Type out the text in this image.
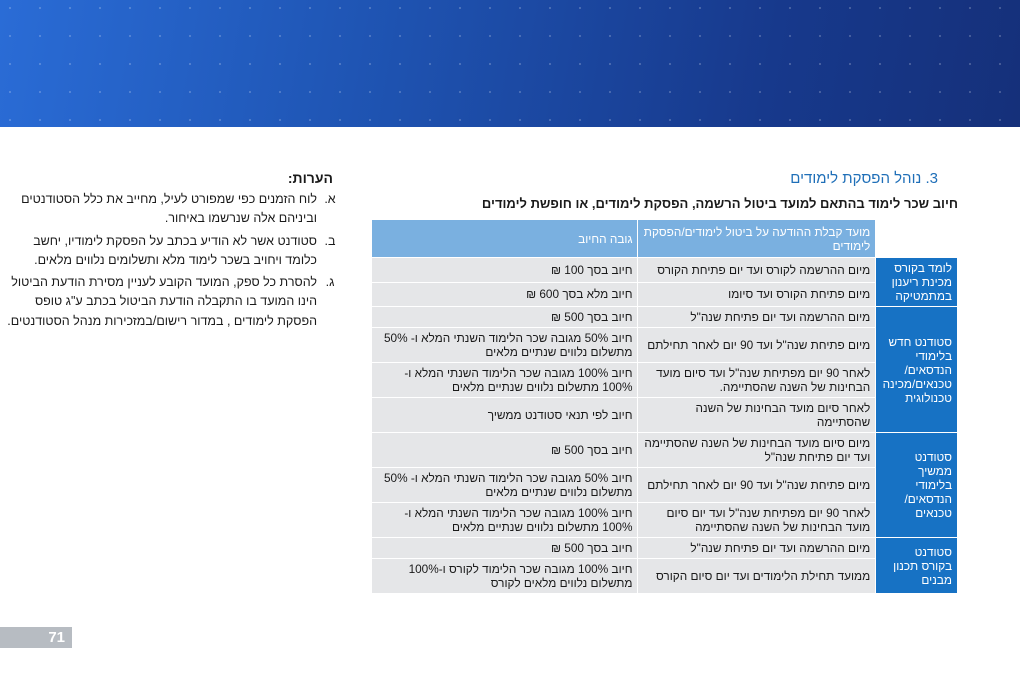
3. נוהל הפסקת לימודים
חיוב שכר לימוד בהתאם למועד ביטול הרשמה, הפסקת לימודים, או חופשת לימודים
	מועד קבלת ההודעה על ביטול לימודים/הפסקת לימודים	גובה החיוב
לומד בקורס מכינת ריענון במתמטיקה	מיום ההרשמה לקורס ועד יום פתיחת הקורס	חיוב בסך 100 ₪
	מיום פתיחת הקורס ועד סיומו	חיוב מלא בסך 600 ₪
סטודנט חדש בלימודי הנדסאים/ טכנאים/מכינה טכנולוגית	מיום ההרשמה ועד יום פתיחת שנה"ל	חיוב בסך 500 ₪
	מיום פתיחת שנה"ל ועד 90 יום לאחר תחילתם	חיוב 50% מגובה שכר הלימוד השנתי המלא ו- 50% מתשלום נלווים שנתיים מלאים
	לאחר 90 יום מפתיחת שנה"ל ועד סיום מועד הבחינות של השנה שהסתיימה.	חיוב 100% מגובה שכר הלימוד השנתי המלא ו- 100% מתשלום נלווים שנתיים מלאים
	לאחר סיום מועד הבחינות של השנה שהסתיימה	חיוב לפי תנאי סטודנט ממשיך
סטודנט ממשיך בלימודי הנדסאים/ טכנאים	מיום סיום מועד הבחינות של השנה שהסתיימה ועד יום פתיחת שנה"ל	חיוב בסך 500 ₪
	מיום פתיחת שנה"ל ועד 90 יום לאחר תחילתם	חיוב 50% מגובה שכר הלימוד השנתי המלא ו- 50% מתשלום נלווים שנתיים מלאים
	לאחר 90 יום מפתיחת שנה"ל ועד יום סיום מועד הבחינות של השנה שהסתיימה	חיוב 100% מגובה שכר הלימוד השנתי המלא ו- 100% מתשלום נלווים שנתיים מלאים
סטודנט בקורס תכנון מבנים	מיום ההרשמה ועד יום פתיחת שנה"ל	חיוב בסך 500 ₪
	ממועד תחילת הלימודים ועד יום סיום הקורס	חיוב 100% מגובה שכר הלימוד לקורס ו-100% מתשלום נלווים מלאים לקורס
הערות:
א.
לוח הזמנים כפי שמפורט לעיל, מחייב את כלל הסטודנטים וביניהם אלה שנרשמו באיחור.
ב.
סטודנט אשר לא הודיע בכתב על הפסקת לימודיו, יחשב כלומד ויחויב בשכר לימוד מלא ותשלומים נלווים מלאים.
ג.
להסרת כל ספק, המועד הקובע לעניין מסירת הודעת הביטול הינו המועד בו התקבלה הודעת הביטול בכתב ע"ג טופס הפסקת לימודים , במדור רישום/במזכירות מנהל הסטודנטים.
71
